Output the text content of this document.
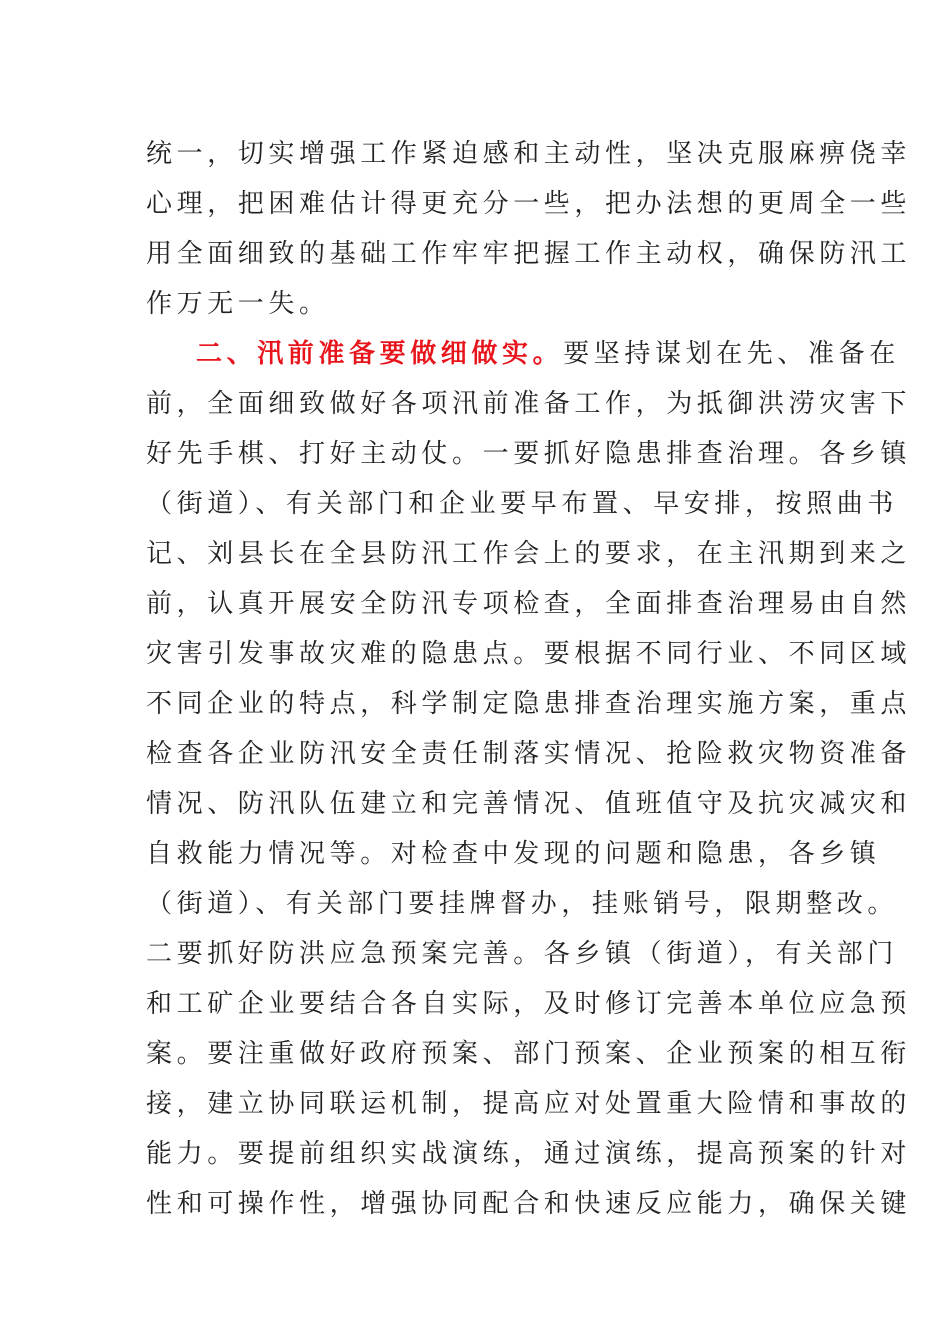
统一，切实增强工作紧迫感和主动性，坚决克服麻痹侥幸

心理，把困难估计得更充分一些，把办法想的更周全一些

用全面细致的基础工作牢牢把握工作主动权，确保防汛工

作万无一失。

二、汛前准备要做细做实。要坚持谋划在先、准备在

前，全面细致做好各项汛前准备工作，为抵御洪涝灾害下

好先手棋、打好主动仗。一要抓好隐患排查治理。各乡镇

（街道）、有关部门和企业要早布置、早安排，按照曲书

记、刘县长在全县防汛工作会上的要求，在主汛期到来之

前，认真开展安全防汛专项检查，全面排查治理易由自然

灾害引发事故灾难的隐患点。要根据不同行业、不同区域

不同企业的特点，科学制定隐患排查治理实施方案，重点

检查各企业防汛安全责任制落实情况、抢险救灾物资准备

情况、防汛队伍建立和完善情况、值班值守及抗灾减灾和

自救能力情况等。对检查中发现的问题和隐患，各乡镇

（街道）、有关部门要挂牌督办，挂账销号，限期整改。

二要抓好防洪应急预案完善。各乡镇（街道），有关部门

和工矿企业要结合各自实际，及时修订完善本单位应急预

案。要注重做好政府预案、部门预案、企业预案的相互衔

接，建立协同联运机制，提高应对处置重大险情和事故的

能力。要提前组织实战演练，通过演练，提高预案的针对

性和可操作性，增强协同配合和快速反应能力，确保关键
